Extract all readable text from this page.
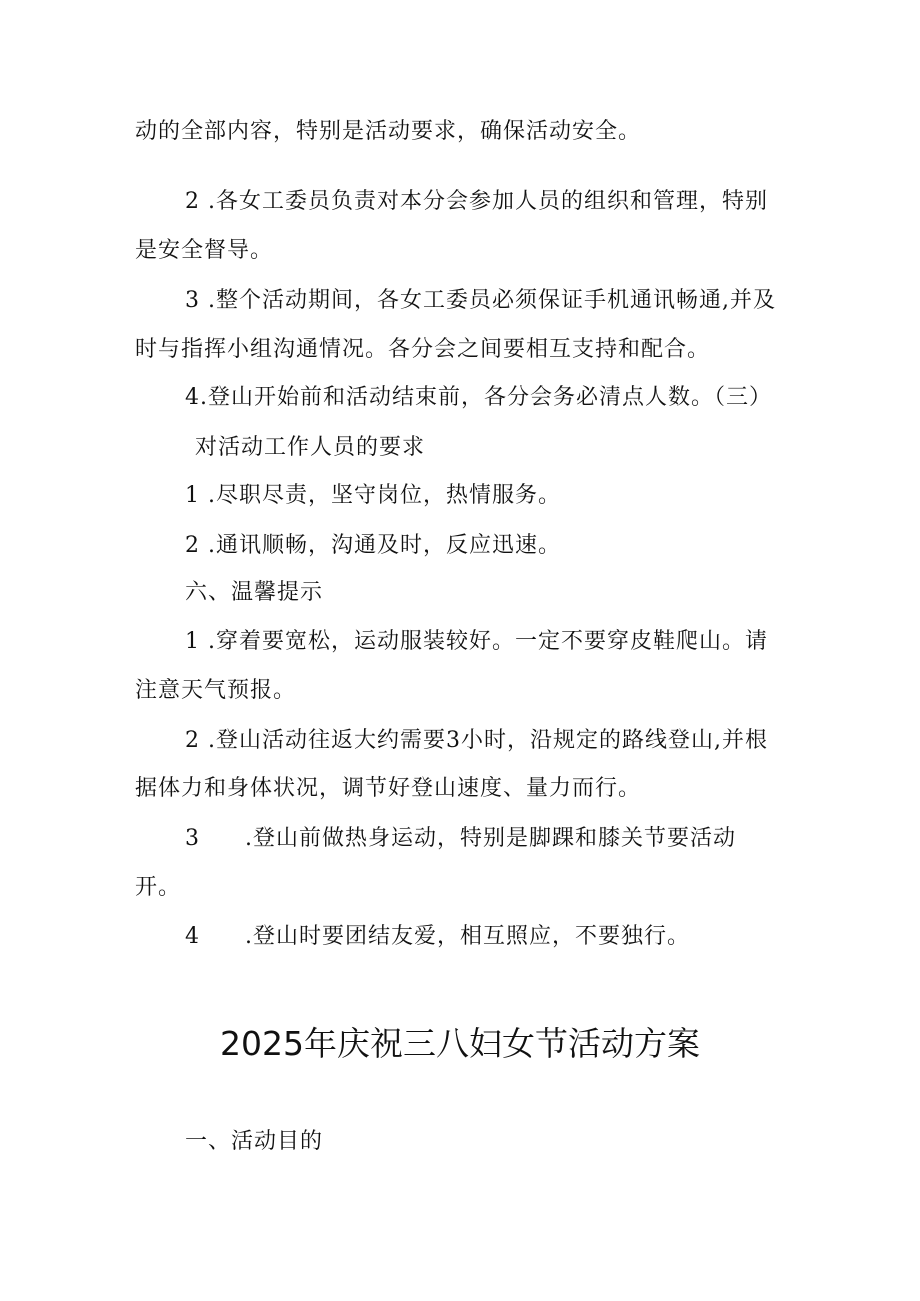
动的全部内容，特别是活动要求，确保活动安全。
2 .各女工委员负责对本分会参加人员的组织和管理，特别
是安全督导。
3 .整个活动期间，各女工委员必须保证手机通讯畅通,并及
时与指挥小组沟通情况。各分会之间要相互支持和配合。
4.登山开始前和活动结束前，各分会务必清点人数。（三）
对活动工作人员的要求
1 .尽职尽责，坚守岗位，热情服务。
2 .通讯顺畅，沟通及时，反应迅速。
六、温馨提示
1 .穿着要宽松，运动服装较好。一定不要穿皮鞋爬山。请
注意天气预报。
2 .登山活动往返大约需要3小时，沿规定的路线登山,并根
据体力和身体状况，调节好登山速度、量力而行。
3 .登山前做热身运动，特别是脚踝和膝关节要活动
开。
4 .登山时要团结友爱，相互照应，不要独行。
2025年庆祝三八妇女节活动方案
一、活动目的
